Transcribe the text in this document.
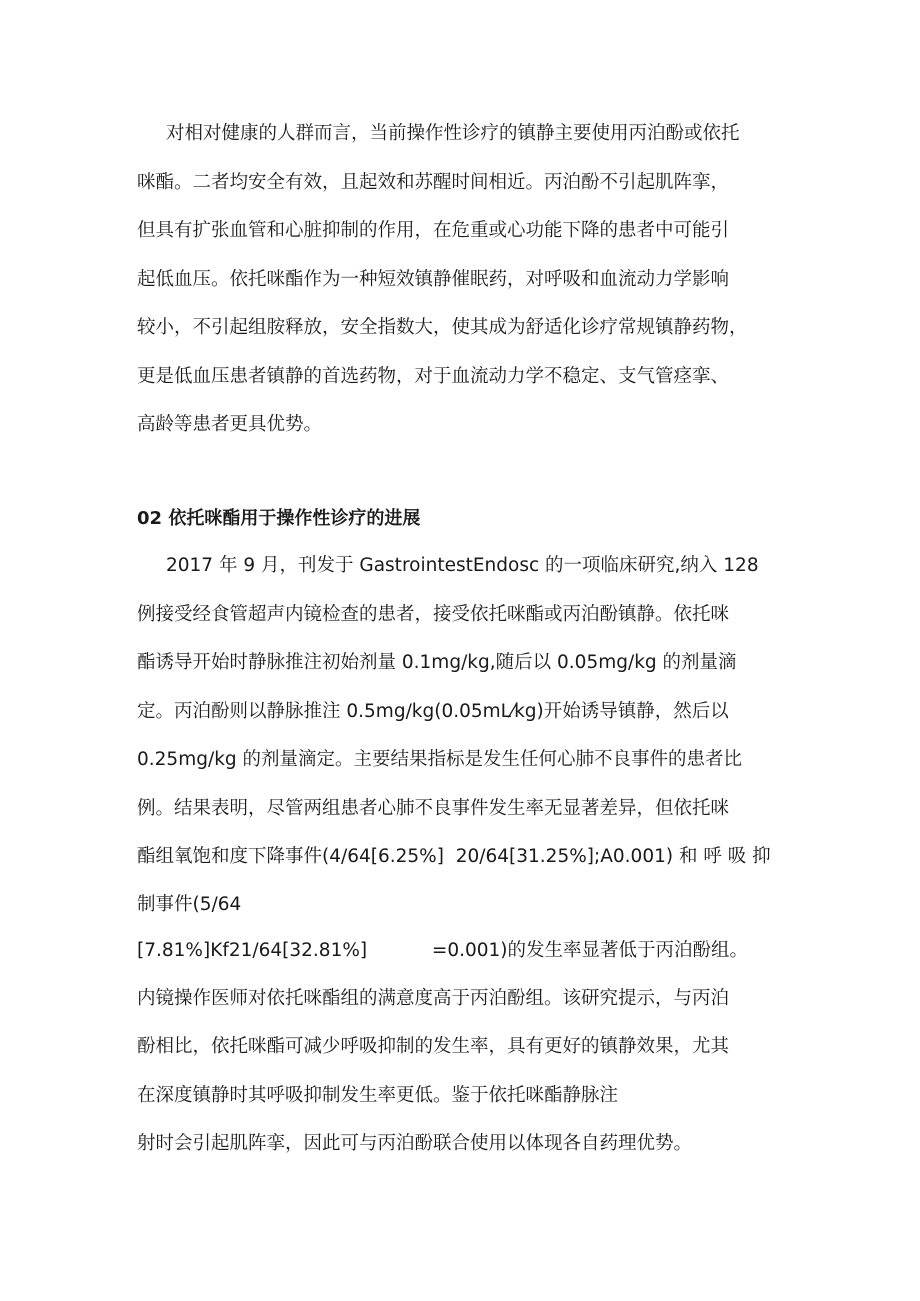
对相对健康的人群而言，当前操作性诊疗的镇静主要使用丙泊酚或依托
咪酯。二者均安全有效，且起效和苏醒时间相近。丙泊酚不引起肌阵挛，
但具有扩张血管和心脏抑制的作用，在危重或心功能下降的患者中可能引
起低血压。依托咪酯作为一种短效镇静催眠药，对呼吸和血流动力学影响
较小，不引起组胺释放，安全指数大，使其成为舒适化诊疗常规镇静药物，
更是低血压患者镇静的首选药物，对于血流动力学不稳定、支气管痉挛、
高龄等患者更具优势。
02 依托咪酯用于操作性诊疗的进展
2017 年 9 月，刊发于 GastrointestEndosc 的一项临床研究,纳入 128
例接受经食管超声内镜检查的患者，接受依托咪酯或丙泊酚镇静。依托咪
酯诱导开始时静脉推注初始剂量 0.1mg/kg,随后以 0.05mg/kg 的剂量滴
定。丙泊酚则以静脉推注 0.5mg/kg(0.05mL⁄kg)开始诱导镇静，然后以
0.25mg/kg 的剂量滴定。主要结果指标是发生任何心肺不良事件的患者比
例。结果表明，尽管两组患者心肺不良事件发生率无显著差异，但依托咪
酯组氧饱和度下降事件(4/64[6.25%]  20/64[31.25%];A0.001) 和 呼 吸 抑
制事件(5/64
[7.81%]Kf21/64[32.81%]           =0.001)的发生率显著低于丙泊酚组。
内镜操作医师对依托咪酯组的满意度高于丙泊酚组。该研究提示，与丙泊
酚相比，依托咪酯可减少呼吸抑制的发生率，具有更好的镇静效果，尤其
在深度镇静时其呼吸抑制发生率更低。鉴于依托咪酯静脉注
射时会引起肌阵挛，因此可与丙泊酚联合使用以体现各自药理优势。
